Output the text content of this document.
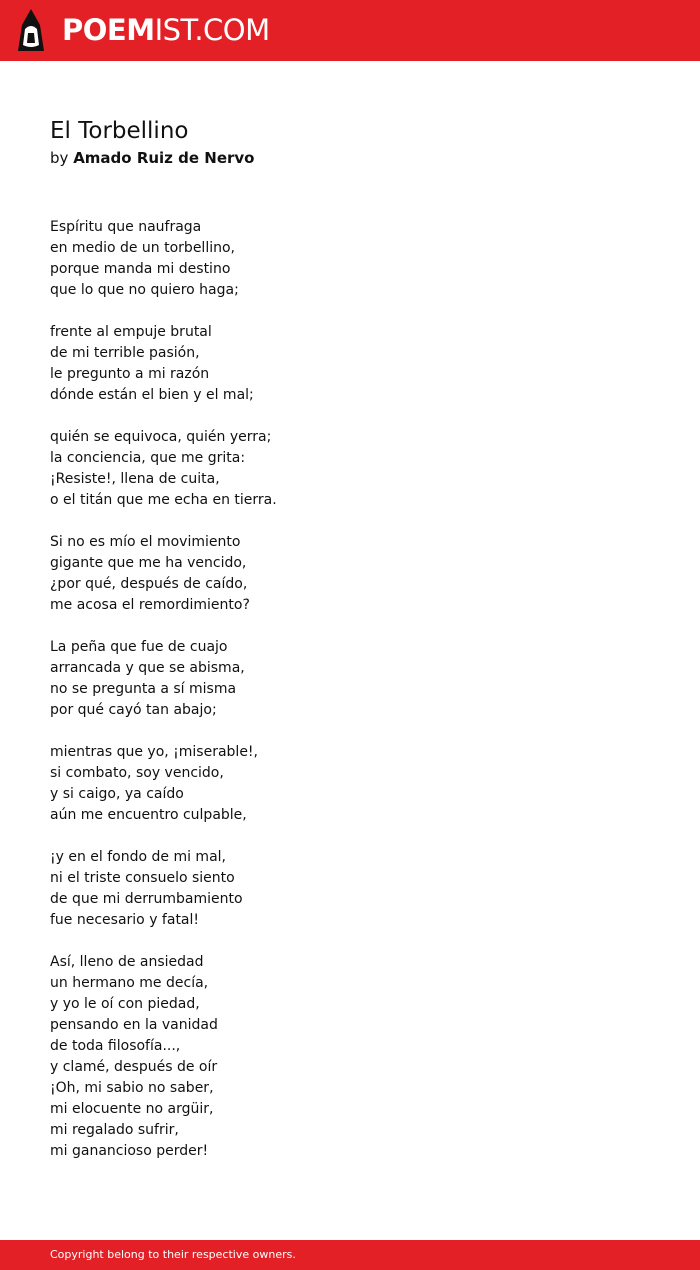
POEMIST.COM
El Torbellino
by Amado Ruiz de Nervo
Espíritu que naufraga
en medio de un torbellino,
porque manda mi destino
que lo que no quiero haga;
frente al empuje brutal
de mi terrible pasión,
le pregunto a mi razón
dónde están el bien y el mal;
quién se equivoca, quién yerra;
la conciencia, que me grita:
¡Resiste!, llena de cuita,
o el titán que me echa en tierra.
Si no es mío el movimiento
gigante que me ha vencido,
¿por qué, después de caído,
me acosa el remordimiento?
La peña que fue de cuajo
arrancada y que se abisma,
no se pregunta a sí misma
por qué cayó tan abajo;
mientras que yo, ¡miserable!,
si combato, soy vencido,
y si caigo, ya caído
aún me encuentro culpable,
¡y en el fondo de mi mal,
ni el triste consuelo siento
de que mi derrumbamiento
fue necesario y fatal!
Así, lleno de ansiedad
un hermano me decía,
y yo le oí con piedad,
pensando en la vanidad
de toda filosofía...,
y clamé, después de oír
¡Oh, mi sabio no saber,
mi elocuente no argüir,
mi regalado sufrir,
mi ganancioso perder!
Copyright belong to their respective owners.
